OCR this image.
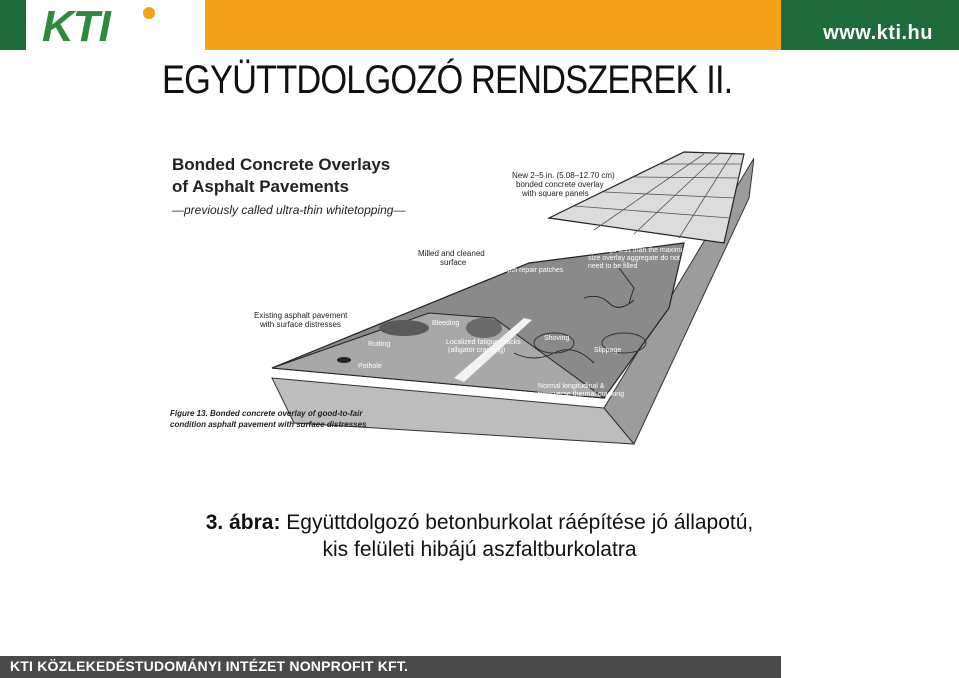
KTI	www.kti.hu
EGYÜTTDOLGOZÓ RENDSZEREK II.
Bonded Concrete Overlays
of Asphalt Pavements
—previously called ultra-thin whitetopping—
New 2–5 in. (5.08–12.70 cm)
bonded concrete overlay
with square panels
Milled and cleaned
surface
Normal cracks with
openings less than the maximum
size overlay aggregate do not
need to be filled
Full-depth repair patches
Existing asphalt pavement
with surface distresses	Bleeding
Rutting	Localized fatigue cracks
(alligator cracking)
Shoving
Slippage
Pothole
Normal longitudinal &
transverse thermal cracking
Figure 13. Bonded concrete overlay of good-to-fair
condition asphalt pavement with surface distresses
3. ábra: Együttdolgozó betonburkolat ráépítése jó állapotú,
kis felületi hibájú aszfaltburkolatra
KTI KÖZLEKEDÉSTUDOMÁNYI INTÉZET NONPROFIT KFT.
